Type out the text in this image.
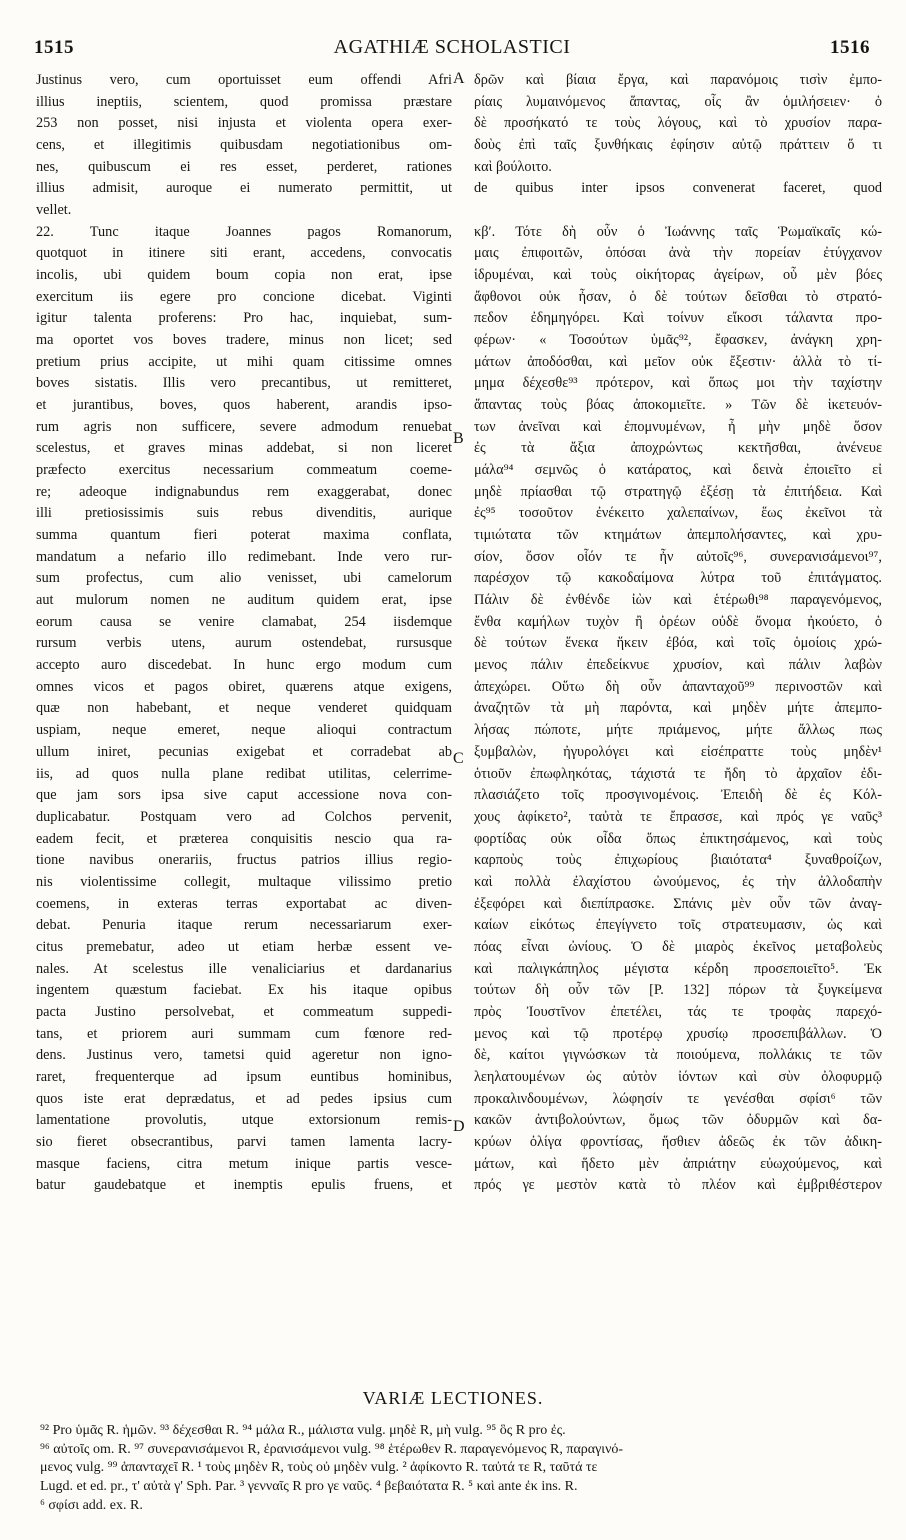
1515	AGATHIÆ SCHOLASTICI	1516
Justinus vero, cum oportuisset eum offendi Afri
illius ineptiis, scientem, quod promissa præstare
253 non posset, nisi injusta et violenta opera exer-
cens, et illegitimis quibusdam negotiationibus om-
nes, quibuscum ei res esset, perderet, rationes
illius admisit, auroque ei numerato permittit, ut
vellet.
22. Tunc itaque Joannes pagos Romanorum,
quotquot in itinere siti erant, accedens, convocatis
incolis, ubi quidem boum copia non erat, ipse
exercitum iis egere pro concione dicebat. Viginti
igitur talenta proferens: Pro hac, inquiebat, sum-
ma oportet vos boves tradere, minus non licet; sed
pretium prius accipite, ut mihi quam citissime omnes
boves sistatis. Illis vero precantibus, ut remitteret,
et jurantibus, boves, quos haberent, arandis ipso-
rum agris non sufficere, severe admodum renuebat
scelestus, et graves minas addebat, si non liceret
præfecto exercitus necessarium commeatum coeme-
re; adeoque indignabundus rem exaggerabat, donec
illi pretiosissimis suis rebus divenditis, aurique
summa quantum fieri poterat maxima conflata,
mandatum a nefario illo redimebant. Inde vero rur-
sum profectus, cum alio venisset, ubi camelorum
aut mulorum nomen ne auditum quidem erat, ipse
eorum causa se venire clamabat, 254 iisdemque
rursum verbis utens, aurum ostendebat, rursusque
accepto auro discedebat. In hunc ergo modum cum
omnes vicos et pagos obiret, quærens atque exigens,
quæ non habebant, et neque venderet quidquam
uspiam, neque emeret, neque alioqui contractum
ullum iniret, pecunias exigebat et corradebat ab
iis, ad quos nulla plane redibat utilitas, celerrime-
que jam sors ipsa sive caput accessione nova con-
duplicabatur. Postquam vero ad Colchos pervenit,
eadem fecit, et præterea conquisitis nescio qua ra-
tione navibus onerariis, fructus patrios illius regio-
nis violentissime collegit, multaque vilissimo pretio
coemens, in exteras terras exportabat ac diven-
debat. Penuria itaque rerum necessariarum exer-
citus premebatur, adeo ut etiam herbæ essent ve-
nales. At scelestus ille venaliciarius et dardanarius
ingentem quæstum faciebat. Ex his itaque opibus
pacta Justino persolvebat, et commeatum suppedi-
tans, et priorem auri summam cum fœnore red-
dens. Justinus vero, tametsi quid ageretur non igno-
raret, frequenterque ad ipsum euntibus hominibus,
quos iste erat deprædatus, et ad pedes ipsius cum
lamentatione provolutis, utque extorsionum remis-
sio fieret obsecrantibus, parvi tamen lamenta lacry-
masque faciens, citra metum inique partis vesce-
batur gaudebatque et inemptis epulis fruens, et
A
B
C
D
δρῶν καὶ βίαια ἔργα, καὶ παρανόμοις τισὶν ἐμπο-
ρίαις λυμαινόμενος ἅπαντας, οἷς ἂν ὁμιλήσειεν· ὁ
δὲ προσήκατό τε τοὺς λόγους, καὶ τὸ χρυσίον παρα-
δοὺς ἐπὶ ταῖς ξυνθήκαις ἐφίησιν αὐτῷ πράττειν ὅ τι
καὶ βούλοιτο.
de quibus inter ipsos convenerat faceret, quod
κβʹ. Τότε δὴ οὖν ὁ Ἰωάννης ταῖς Ῥωμαϊκαῖς κώ-
μαις ἐπιφοιτῶν, ὁπόσαι ἀνὰ τὴν πορείαν ἐτύγχανον
ἱδρυμέναι, καὶ τοὺς οἰκήτορας ἀγείρων, οὗ μὲν βόες
ἄφθονοι οὐκ ἦσαν, ὁ δὲ τούτων δεῖσθαι τὸ στρατό-
πεδον ἐδημηγόρει. Καὶ τοίνυν εἴκοσι τάλαντα προ-
φέρων· « Τοσούτων ὑμᾶς⁹², ἔφασκεν, ἀνάγκη χρη-
μάτων ἀποδόσθαι, καὶ μεῖον οὐκ ἔξεστιν· ἀλλὰ τὸ τί-
μημα δέχεσθε⁹³ πρότερον, καὶ ὅπως μοι τὴν ταχίστην
ἅπαντας τοὺς βόας ἀποκομιεῖτε. » Τῶν δὲ ἱκετευόν-
των ἀνεῖναι καὶ ἐπομνυμένων, ἦ μὴν μηδὲ ὅσον
ἐς τὰ ἄξια ἀποχρώντως κεκτῆσθαι, ἀνένευε
μάλα⁹⁴ σεμνῶς ὁ κατάρατος, καὶ δεινὰ ἐποιεῖτο εἰ
μηδὲ πρίασθαι τῷ στρατηγῷ ἐξέσῃ τὰ ἐπιτήδεια. Καὶ
ἐς⁹⁵ τοσοῦτον ἐνέκειτο χαλεπαίνων, ἕως ἐκεῖνοι τὰ
τιμιώτατα τῶν κτημάτων ἀπεμπολήσαντες, καὶ χρυ-
σίον, ὅσον οἷόν τε ἦν αὐτοῖς⁹⁶, συνερανισάμενοι⁹⁷,
παρέσχον τῷ κακοδαίμονα λύτρα τοῦ ἐπιτάγματος.
Πάλιν δὲ ἐνθένδε ἰὼν καὶ ἑτέρωθι⁹⁸ παραγενόμενος,
ἔνθα καμήλων τυχὸν ἢ ὀρέων οὐδὲ ὄνομα ἠκούετο, ὁ
δὲ τούτων ἕνεκα ἥκειν ἐβόα, καὶ τοῖς ὁμοίοις χρώ-
μενος πάλιν ἐπεδείκνυε χρυσίον, καὶ πάλιν λαβὼν
ἀπεχώρει. Οὕτω δὴ οὖν ἁπανταχοῦ⁹⁹ περινοστῶν καὶ
ἀναζητῶν τὰ μὴ παρόντα, καὶ μηδὲν μήτε ἀπεμπο-
λήσας πώποτε, μήτε πριάμενος, μήτε ἄλλως πως
ξυμβαλὼν, ἠγυρολόγει καὶ εἰσέπραττε τοὺς μηδὲν¹
ὁτιοῦν ἐπωφληκότας, τάχιστά τε ἤδη τὸ ἀρχαῖον ἐδι-
πλασιάζετο τοῖς προσγινομένοις. Ἐπειδὴ δὲ ἐς Κόλ-
χους ἀφίκετο², ταὐτὰ τε ἔπρασσε, καὶ πρός γε ναῦς³
φορτίδας οὐκ οἶδα ὅπως ἐπικτησάμενος, καὶ τοὺς
καρποὺς τοὺς ἐπιχωρίους βιαιότατα⁴ ξυναθροίζων,
καὶ πολλὰ ἐλαχίστου ὠνούμενος, ἐς τὴν ἀλλοδαπὴν
ἐξεφόρει καὶ διεπίπρασκε. Σπάνις μὲν οὖν τῶν ἀναγ-
καίων εἰκότως ἐπεγίγνετο τοῖς στρατευμασιν, ὡς καὶ
πόας εἶναι ὠνίους. Ὁ δὲ μιαρὸς ἐκεῖνος μεταβολεὺς
καὶ παλιγκάπηλος μέγιστα κέρδη προσεποιεῖτο⁵. Ἐκ
τούτων δὴ οὖν τῶν [P. 132] πόρων τὰ ξυγκείμενα
πρὸς Ἰουστῖνον ἐπετέλει, τάς τε τροφὰς παρεχό-
μενος καὶ τῷ προτέρῳ χρυσίῳ προσεπιβάλλων. Ὁ
δὲ, καίτοι γιγνώσκων τὰ ποιούμενα, πολλάκις τε τῶν
λεηλατουμένων ὡς αὐτὸν ἰόντων καὶ σὺν ὀλοφυρμῷ
προκαλινδουμένων, λώφησίν τε γενέσθαι σφίσι⁶ τῶν
κακῶν ἀντιβολούντων, ὅμως τῶν ὀδυρμῶν καὶ δα-
κρύων ὀλίγα φροντίσας, ἥσθιεν ἀδεῶς ἐκ τῶν ἀδικη-
μάτων, καὶ ἥδετο μὲν ἀπριάτην εὐωχούμενος, καὶ
πρός γε μεστὸν κατὰ τὸ πλέον καὶ ἐμβριθέστερον
VARIÆ LECTIONES.
⁹² Pro ὑμᾶς R. ἡμῶν. ⁹³ δέχεσθαι R. ⁹⁴ μάλα R., μάλιστα vulg. μηδὲ R, μὴ vulg. ⁹⁵ ὃς R pro ἐς.
⁹⁶ αὐτοῖς om. R. ⁹⁷ συνερανισάμενοι R, ἐρανισάμενοι vulg. ⁹⁸ ἑτέρωθεν R. παραγενόμενος R, παραγινό-
μενος vulg. ⁹⁹ ἁπανταχεῖ R. ¹ τοὺς μηδὲν R, τοὺς οὐ μηδὲν vulg. ² ἀφίκοντο R. ταὐτά τε R, ταῦτά τε
Lugd. et ed. pr., τ' αὐτὰ γ' Sph. Par. ³ γενναῖς R pro γε ναῦς. ⁴ βεβαιότατα R. ⁵ καὶ ante ἐκ ins. R.
⁶ σφίσι add. ex. R.
